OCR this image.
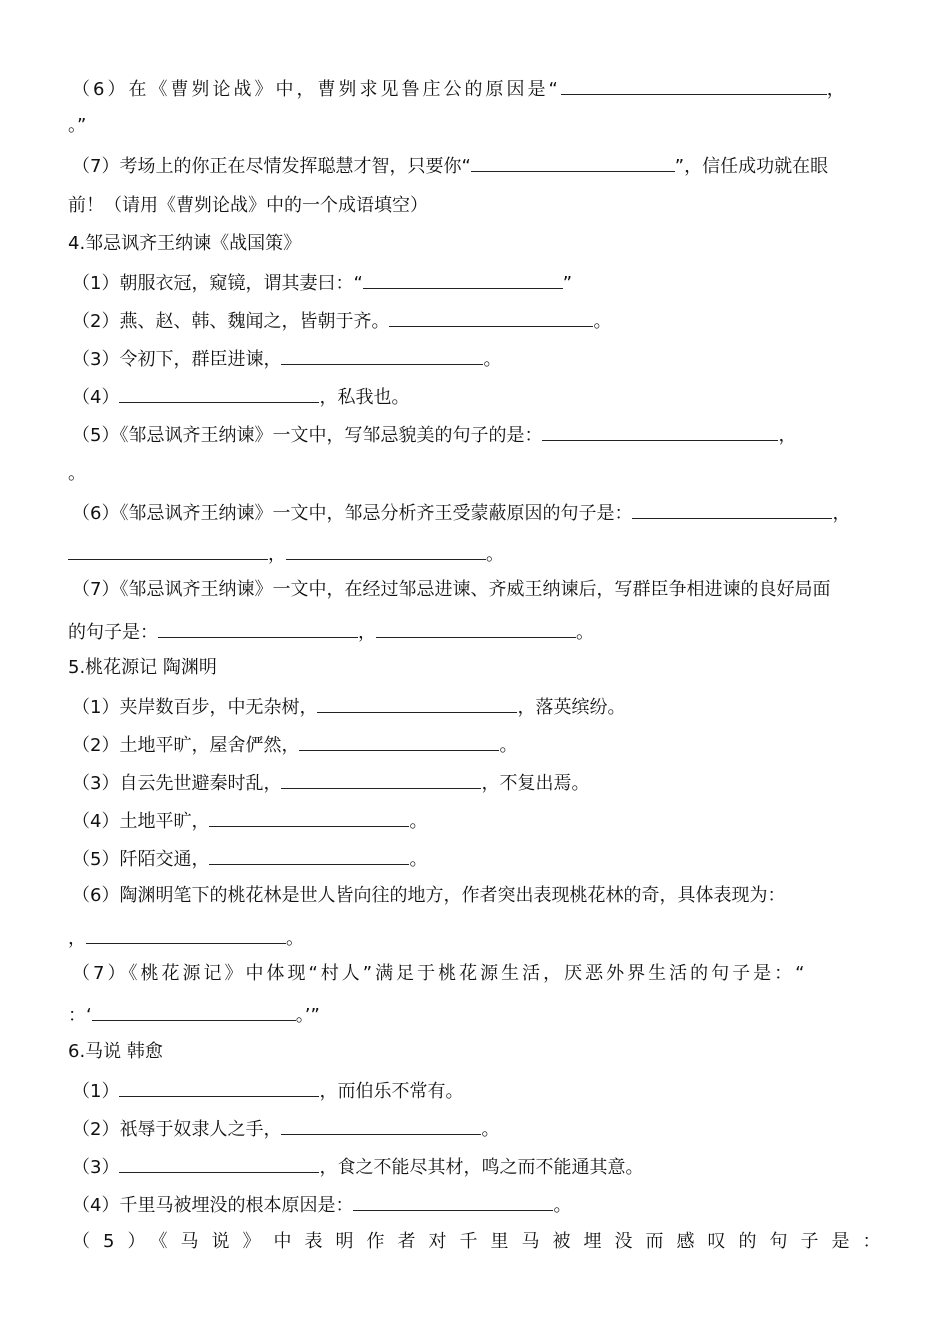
（6）在《曹刿论战》中，曹刿求见鲁庄公的原因是“	，
。”
（7）考场上的你正在尽情发挥聪慧才智，只要你“	”，信任成功就在眼
前！（请用《曹刿论战》中的一个成语填空）
4.邹忌讽齐王纳谏《战国策》
（1）朝服衣冠，窥镜，谓其妻曰：“	”
（2）燕、赵、韩、魏闻之，皆朝于齐。	。
（3）令初下，群臣进谏，	。
（4）	，私我也。
（5）《邹忌讽齐王纳谏》一文中，写邹忌貌美的句子的是：	，
。
（6）《邹忌讽齐王纳谏》一文中，邹忌分析齐王受蒙蔽原因的句子是：	，
，	。
（7）《邹忌讽齐王纳谏》一文中，在经过邹忌进谏、齐威王纳谏后，写群臣争相进谏的良好局面
的句子是：	，	。
5.桃花源记 陶渊明
（1）夹岸数百步，中无杂树，	，落英缤纷。
（2）土地平旷，屋舍俨然，	。
（3）自云先世避秦时乱，	，不复出焉。
（4）土地平旷，	。
（5）阡陌交通，	。
（6）陶渊明笔下的桃花林是世人皆向往的地方，作者突出表现桃花林的奇，具体表现为：
，	。
（7）《桃花源记》中体现“村人”满足于桃花源生活，厌恶外界生活的句子是：“
：‘	。’”
6.马说 韩愈
（1）	，而伯乐不常有。
（2）祇辱于奴隶人之手，	。
（3）	，食之不能尽其材，鸣之而不能通其意。
（4）千里马被埋没的根本原因是：	。
（5）《马说》中表明作者对千里马被埋没而感叹的句子是：
